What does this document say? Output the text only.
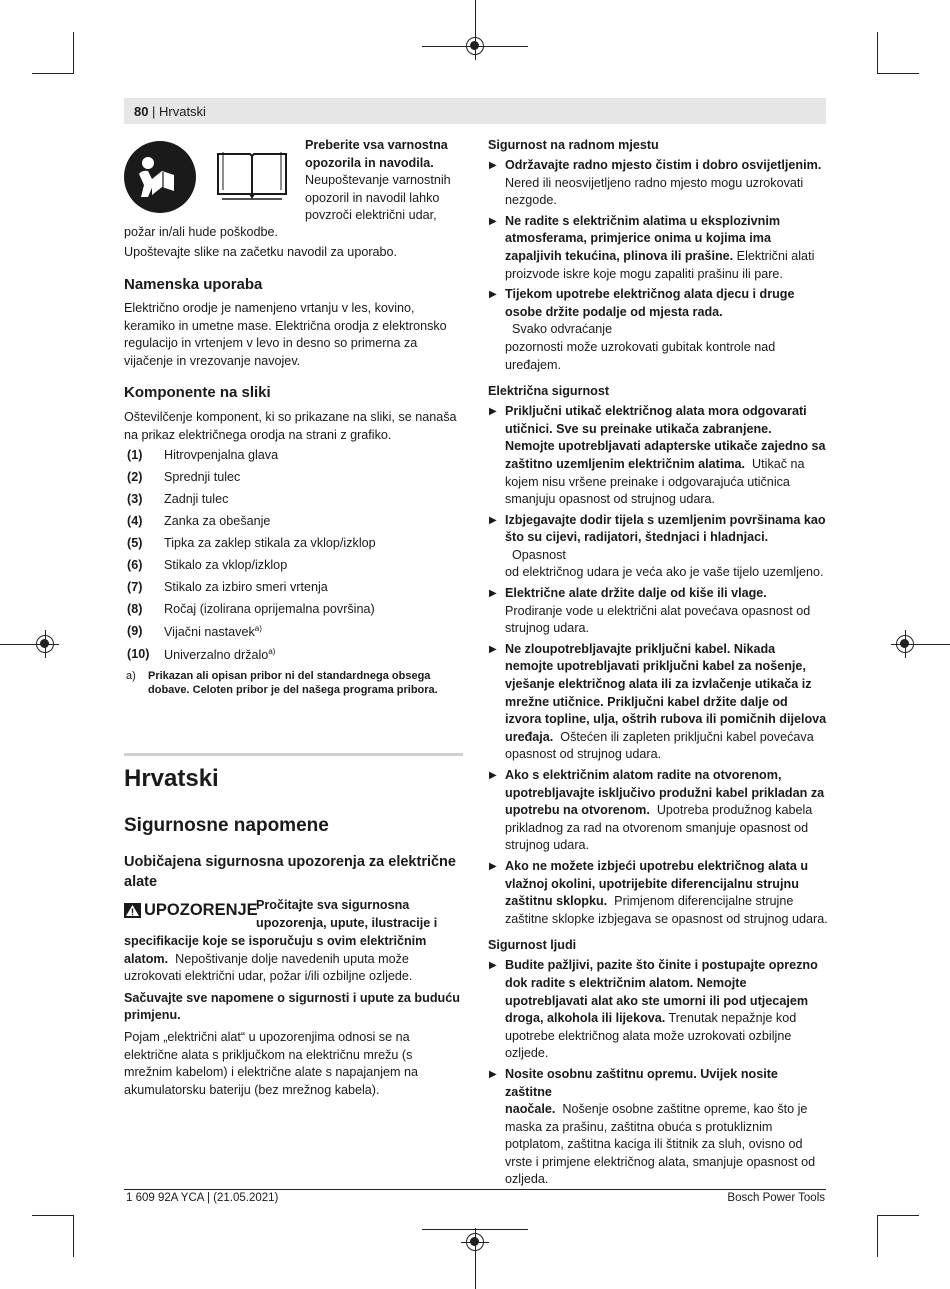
80 | Hrvatski

Preberite vsa varnostna

opozorila in navodila.

Neupoštevanje varnostnih

opozoril in navodil lahko

povzroči električni udar,

požar in/ali hude poškodbe.

Upoštevajte slike na začetku navodil za uporabo.

Namenska uporaba

Električno orodje je namenjeno vrtanju v les, kovino,

keramiko in umetne mase. Električna orodja z elektronsko

regulacijo in vrtenjem v levo in desno so primerna za

vijačenje in vrezovanje navojev.

Komponente na sliki

Oštevilčenje komponent, ki so prikazane na sliki, se nanaša

na prikaz električnega orodja na strani z grafiko.

(1) Hitrovpenjalna glava
(2) Sprednji tulec
(3) Zadnji tulec
(4) Zanka za obešanje
(5) Tipka za zaklep stikala za vklop/izklop
(6) Stikalo za vklop/izklop
(7) Stikalo za izbiro smeri vrtenja
(8) Ročaj (izolirana oprijemalna površina)
(9) Vijačni nastavek$^{a)}$
(10) Univerzalno držalo$^{a)}$
a) Prikazan ali opisan pribor ni del standardnega obsega
dobave. Celoten pribor je del našega programa pribora.
Hrvatski
Sigurnosne napomene
Uobičajena sigurnosna upozorenja za električne
alate
UPOZORENJE

Pročitajte sva sigurnosna

upozorenja, upute, ilustracije i

specifikacije koje se isporučuju s ovim električnim

alatom. Nepoštivanje dolje navedenih uputa može

uzrokovati električni udar, požar i/ili ozbiljne ozljede.

Sačuvajte sve napomene o sigurnosti i upute za buduću

primjenu.

Pojam „električni alat“ u upozorenjima odnosi se na

električne alata s priključkom na električnu mrežu (s

mrežnim kabelom) i električne alate s napajanjem na

akumulatorsku bateriju (bez mrežnog kabela).

Sigurnost na radnom mjestu
▶ Održavajte radno mjesto čistim i dobro osvijetljenim.

Nered ili neosvijetljeno radno mjesto mogu uzrokovati

nezgode.

▶ Ne radite s električnim alatima u eksplozivnim

atmosferama, primjerice onima u kojima ima

zapaljivih tekućina, plinova ili prašine. Električni alati

proizvode iskre koje mogu zapaliti prašinu ili pare.

▶ Tijekom upotrebe električnog alata djecu i druge

osobe držite podalje od mjesta rada.  Svako odvraćanje

pozornosti može uzrokovati gubitak kontrole nad

uređajem.

Električna sigurnost
▶ Priključni utikač električnog alata mora odgovarati

utičnici. Sve su preinake utikača zabranjene.

Nemojte upotrebljavati adapterske utikače zajedno sa

zaštitno uzemljenim električnim alatima.  Utikač na

kojem nisu vršene preinake i odgovarajuća utičnica

smanjuju opasnost od strujnog udara.

▶ Izbjegavajte dodir tijela s uzemljenim površinama kao

što su cijevi, radijatori, štednjaci i hladnjaci.  Opasnost

od električnog udara je veća ako je vaše tijelo uzemljeno.

▶ Električne alate držite dalje od kiše ili vlage.

Prodiranje vode u električni alat povećava opasnost od

strujnog udara.

▶ Ne zloupotrebljavajte priključni kabel. Nikada

nemojte upotrebljavati priključni kabel za nošenje,

vješanje električnog alata ili za izvlačenje utikača iz

mrežne utičnice. Priključni kabel držite dalje od

izvora topline, ulja, oštrih rubova ili pomičnih dijelova

uređaja.  Oštećen ili zapleten priključni kabel povećava

opasnost od strujnog udara.

▶ Ako s električnim alatom radite na otvorenom,

upotrebljavajte isključivo produžni kabel prikladan za

upotrebu na otvorenom.  Upotreba produžnog kabela

prikladnog za rad na otvorenom smanjuje opasnost od

strujnog udara.

▶ Ako ne možete izbjeći upotrebu električnog alata u

vlažnoj okolini, upotrijebite diferencijalnu strujnu

zaštitnu sklopku.  Primjenom diferencijalne strujne

zaštitne sklopke izbjegava se opasnost od strujnog udara.

Sigurnost ljudi
▶ Budite pažljivi, pazite što činite i postupajte oprezno

dok radite s električnim alatom. Nemojte

upotrebljavati alat ako ste umorni ili pod utjecajem

droga, alkohola ili lijekova. Trenutak nepažnje kod

upotrebe električnog alata može uzrokovati ozbiljne

ozljede.

▶ Nosite osobnu zaštitnu opremu. Uvijek nosite zaštitne

naočale.  Nošenje osobne zaštitne opreme, kao što je

maska za prašinu, zaštitna obuća s protukliznim

potplatom, zaštitna kaciga ili štitnik za sluh, ovisno od

vrste i primjene električnog alata, smanjuje opasnost od

ozljeda.

1 609 92A YCA | (21.05.2021)	Bosch Power Tools
